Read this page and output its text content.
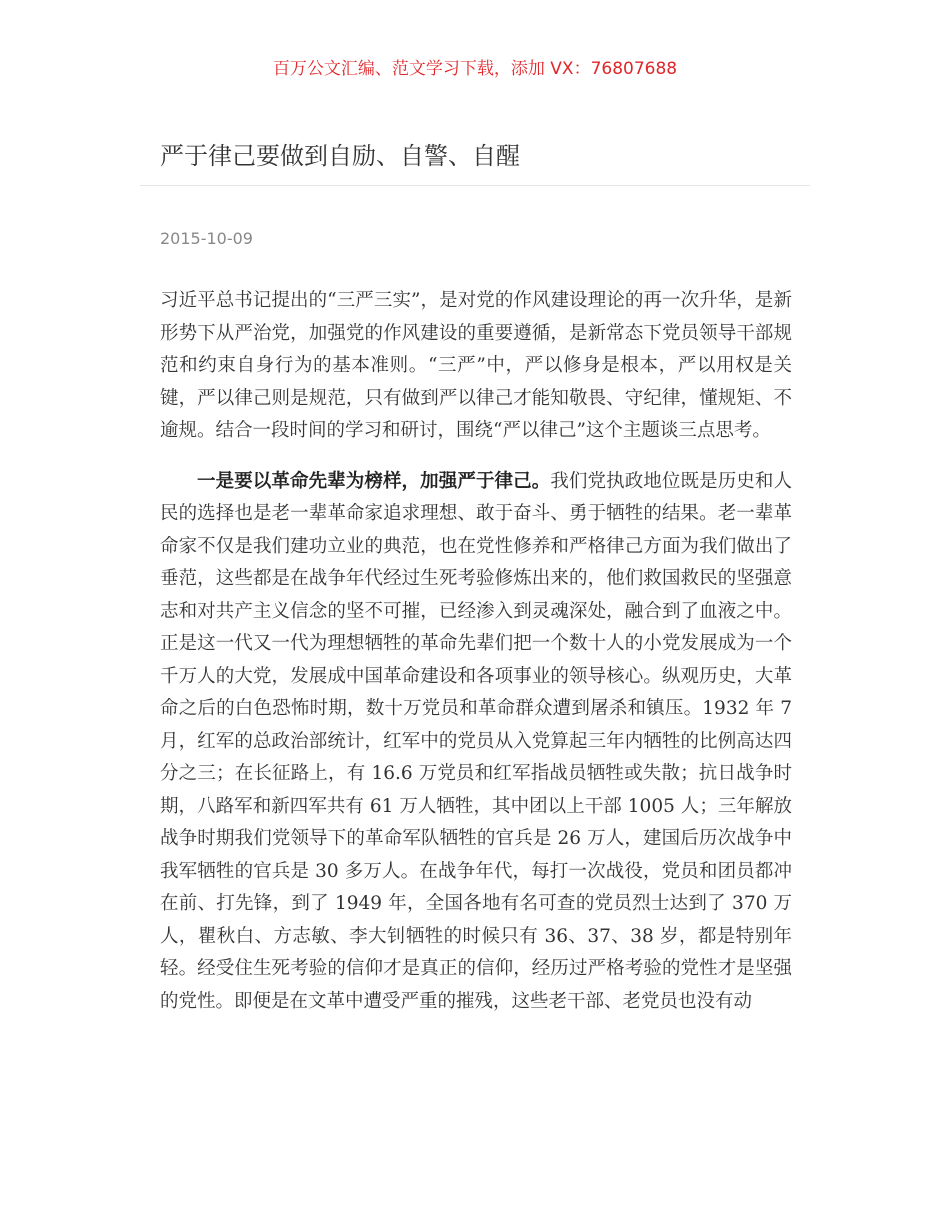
百万公文汇编、范文学习下载，添加 VX：76807688
严于律己要做到自励、自警、自醒
2015-10-09

习近平总书记提出的“三严三实”，是对党的作风建设理论的再一次升华，是新形势下从严治党，加强党的作风建设的重要遵循，是新常态下党员领导干部规范和约束自身行为的基本准则。“三严”中，严以修身是根本，严以用权是关键，严以律己则是规范，只有做到严以律己才能知敬畏、守纪律，懂规矩、不逾规。结合一段时间的学习和研讨，围绕“严以律己”这个主题谈三点思考。

一是要以革命先辈为榜样，加强严于律己。我们党执政地位既是历史和人民的选择也是老一辈革命家追求理想、敢于奋斗、勇于牺牲的结果。老一辈革命家不仅是我们建功立业的典范，也在党性修养和严格律己方面为我们做出了垂范，这些都是在战争年代经过生死考验修炼出来的，他们救国救民的坚强意志和对共产主义信念的坚不可摧，已经渗入到灵魂深处，融合到了血液之中。正是这一代又一代为理想牺牲的革命先辈们把一个数十人的小党发展成为一个千万人的大党，发展成中国革命建设和各项事业的领导核心。纵观历史，大革命之后的白色恐怖时期，数十万党员和革命群众遭到屠杀和镇压。1932 年 7 月，红军的总政治部统计，红军中的党员从入党算起三年内牺牲的比例高达四分之三；在长征路上，有 16.6 万党员和红军指战员牺牲或失散；抗日战争时期，八路军和新四军共有 61 万人牺牲，其中团以上干部 1005 人；三年解放战争时期我们党领导下的革命军队牺牲的官兵是 26 万人，建国后历次战争中我军牺牲的官兵是 30 多万人。在战争年代，每打一次战役，党员和团员都冲在前、打先锋，到了 1949 年，全国各地有名可查的党员烈士达到了 370 万人，瞿秋白、方志敏、李大钊牺牲的时候只有 36、37、38 岁，都是特别年轻。经受住生死考验的信仰才是真正的信仰，经历过严格考验的党性才是坚强的党性。即便是在文革中遭受严重的摧残，这些老干部、老党员也没有动
